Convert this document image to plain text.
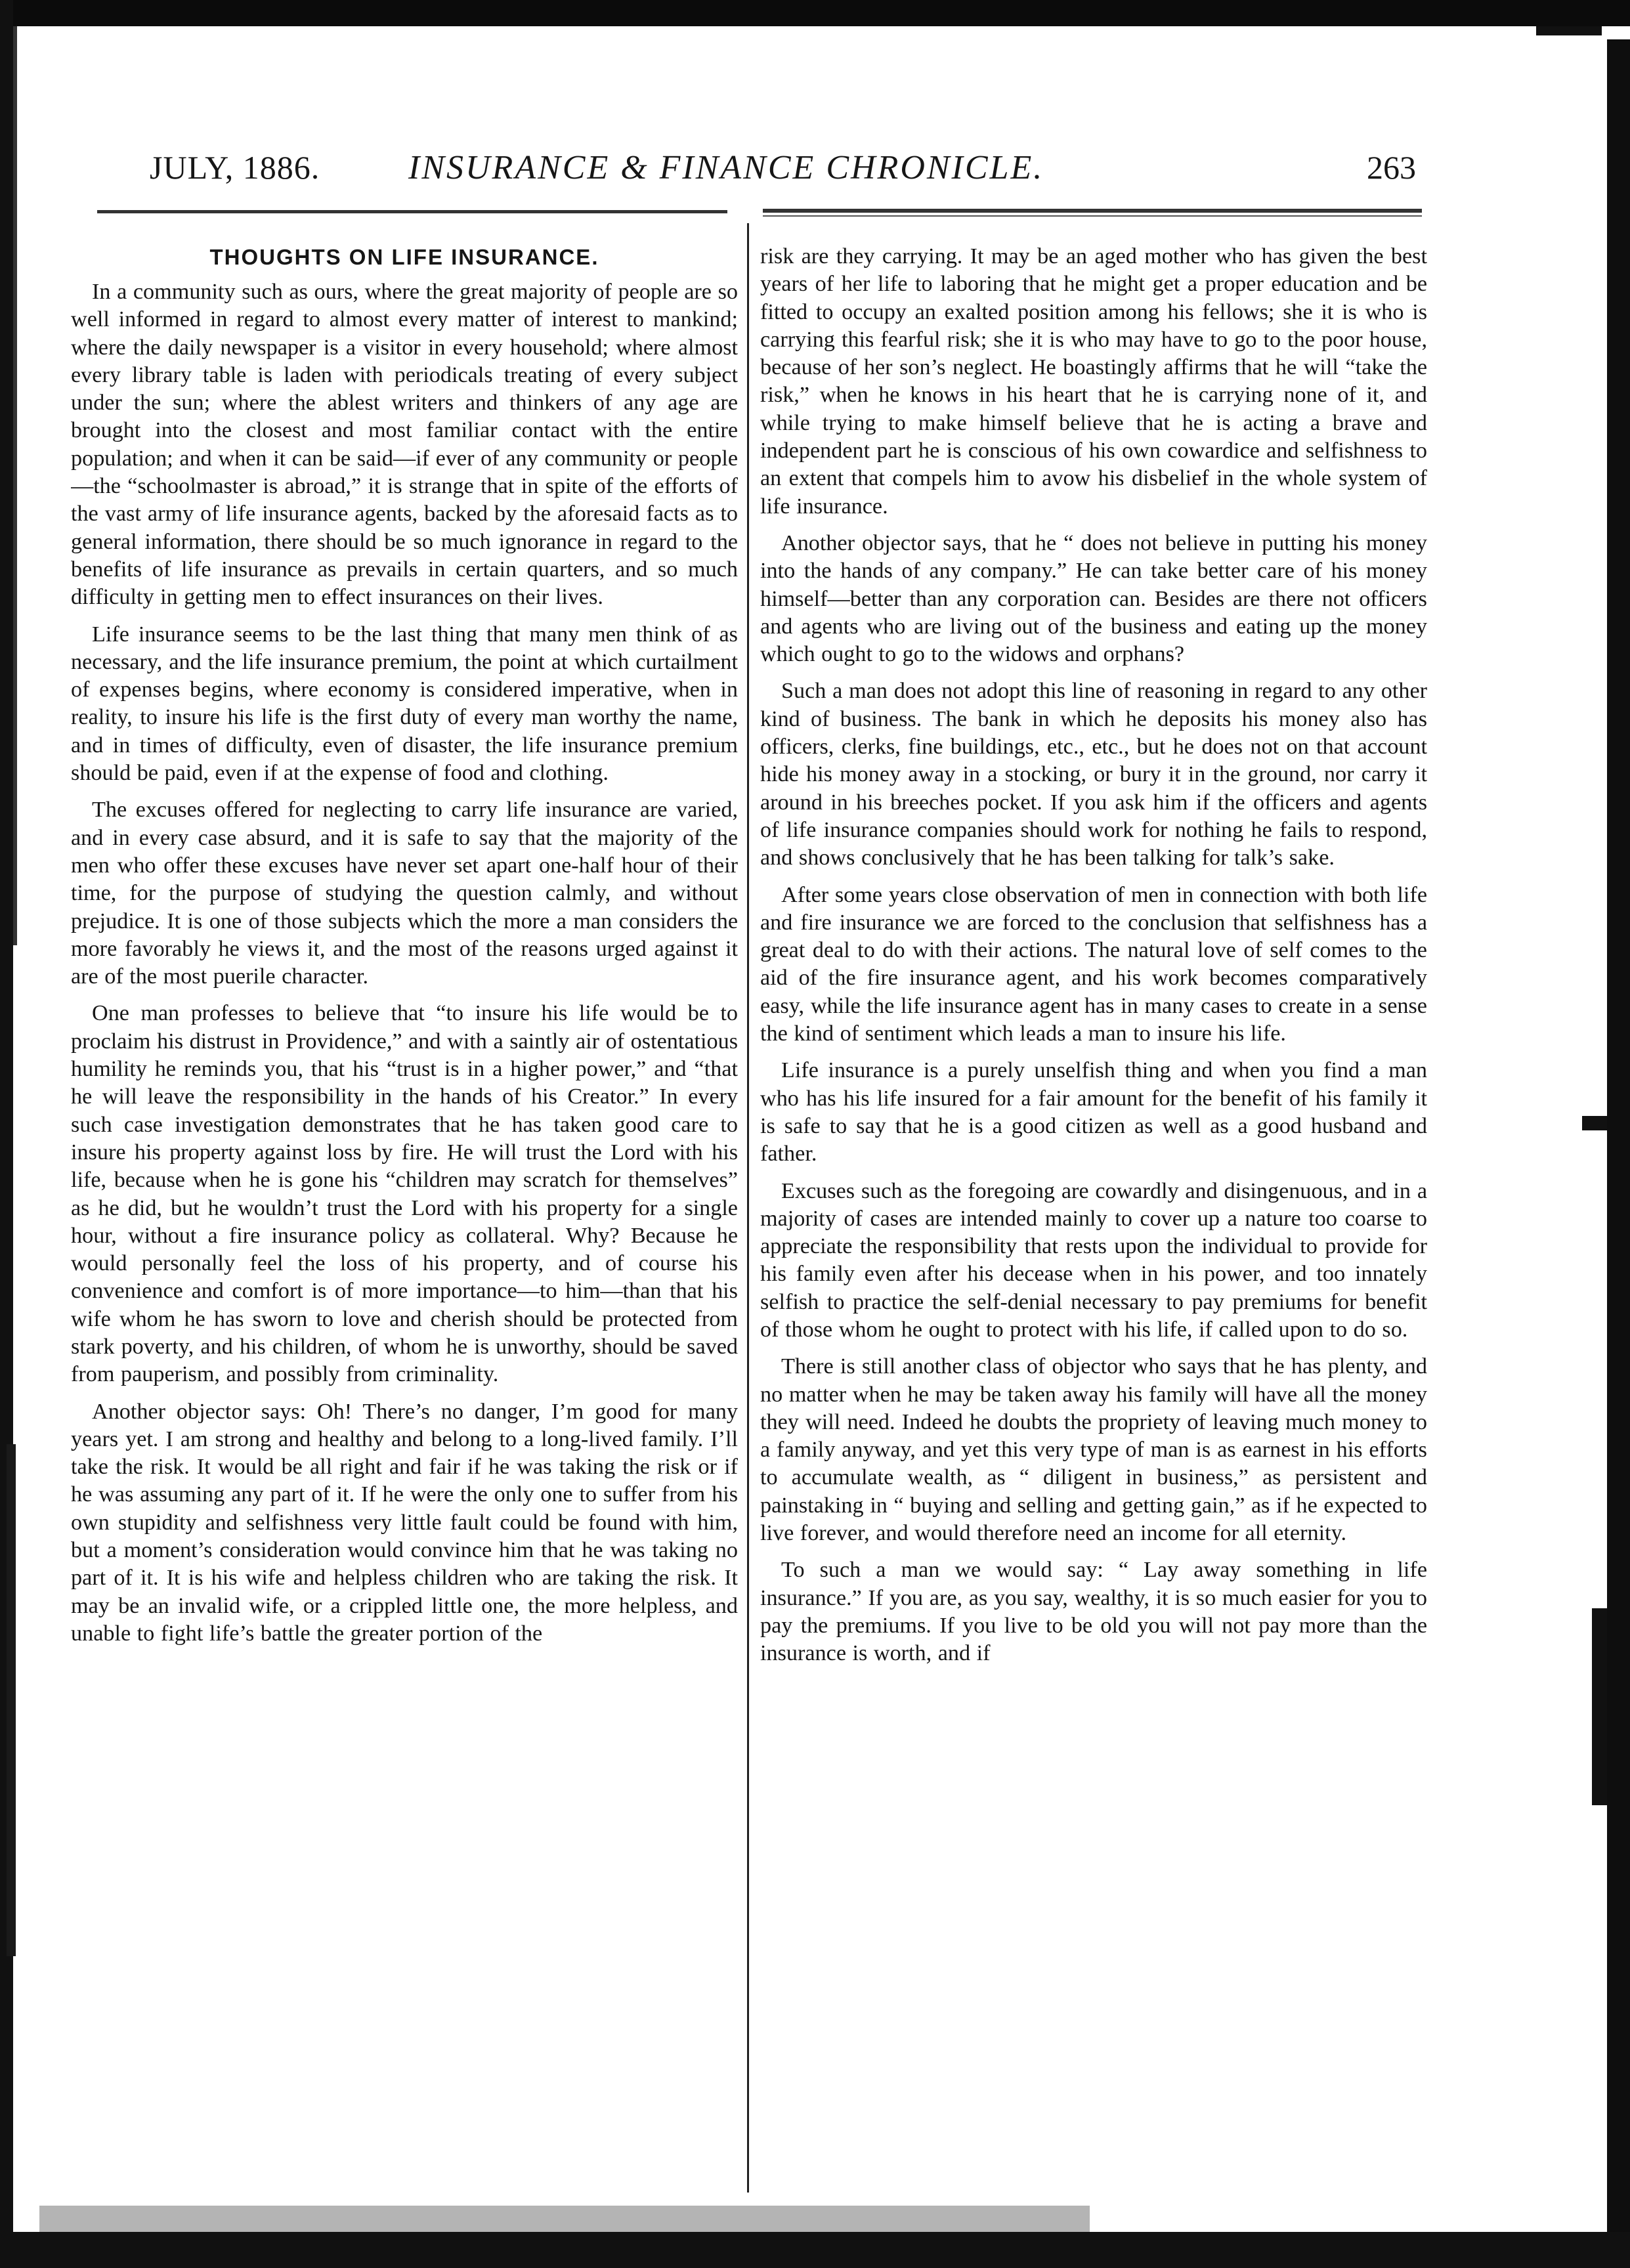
JULY, 1886.	INSURANCE & FINANCE CHRONICLE.	263
THOUGHTS ON LIFE INSURANCE.

In a community such as ours, where the great majority of people are so well informed in regard to almost every matter of interest to mankind; where the daily newspaper is a visitor in every household; where almost every library table is laden with periodicals treating of every subject under the sun; where the ablest writers and thinkers of any age are brought into the closest and most familiar contact with the entire population; and when it can be said—if ever of any community or people—the “schoolmaster is abroad,” it is strange that in spite of the efforts of the vast army of life insurance agents, backed by the aforesaid facts as to general information, there should be so much ignorance in regard to the benefits of life insurance as prevails in certain quarters, and so much difficulty in getting men to effect insurances on their lives.

Life insurance seems to be the last thing that many men think of as necessary, and the life insurance premium, the point at which curtailment of expenses begins, where economy is considered imperative, when in reality, to insure his life is the first duty of every man worthy the name, and in times of difficulty, even of disaster, the life insurance premium should be paid, even if at the expense of food and clothing.

The excuses offered for neglecting to carry life insurance are varied, and in every case absurd, and it is safe to say that the majority of the men who offer these excuses have never set apart one-half hour of their time, for the purpose of studying the question calmly, and without prejudice. It is one of those subjects which the more a man considers the more favorably he views it, and the most of the reasons urged against it are of the most puerile character.

One man professes to believe that “to insure his life would be to proclaim his distrust in Providence,” and with a saintly air of ostentatious humility he reminds you, that his “trust is in a higher power,” and “that he will leave the responsibility in the hands of his Creator.” In every such case investigation demonstrates that he has taken good care to insure his property against loss by fire. He will trust the Lord with his life, because when he is gone his “children may scratch for themselves” as he did, but he wouldn’t trust the Lord with his property for a single hour, without a fire insurance policy as collateral. Why? Because he would personally feel the loss of his property, and of course his convenience and comfort is of more importance—to him—than that his wife whom he has sworn to love and cherish should be protected from stark poverty, and his children, of whom he is unworthy, should be saved from pauperism, and possibly from criminality.

Another objector says: Oh! There’s no danger, I’m good for many years yet. I am strong and healthy and belong to a long-lived family. I’ll take the risk. It would be all right and fair if he was taking the risk or if he was assuming any part of it. If he were the only one to suffer from his own stupidity and selfishness very little fault could be found with him, but a moment’s consideration would convince him that he was taking no part of it. It is his wife and helpless children who are taking the risk. It may be an invalid wife, or a crippled little one, the more helpless, and unable to fight life’s battle the greater portion of the

risk are they carrying. It may be an aged mother who has given the best years of her life to laboring that he might get a proper education and be fitted to occupy an exalted position among his fellows; she it is who is carrying this fearful risk; she it is who may have to go to the poor house, because of her son’s neglect. He boastingly affirms that he will “take the risk,” when he knows in his heart that he is carrying none of it, and while trying to make himself believe that he is acting a brave and independent part he is conscious of his own cowardice and selfishness to an extent that compels him to avow his disbelief in the whole system of life insurance.

Another objector says, that he “ does not believe in putting his money into the hands of any company.” He can take better care of his money himself—better than any corporation can. Besides are there not officers and agents who are living out of the business and eating up the money which ought to go to the widows and orphans?

Such a man does not adopt this line of reasoning in regard to any other kind of business. The bank in which he deposits his money also has officers, clerks, fine buildings, etc., etc., but he does not on that account hide his money away in a stocking, or bury it in the ground, nor carry it around in his breeches pocket. If you ask him if the officers and agents of life insurance companies should work for nothing he fails to respond, and shows conclusively that he has been talking for talk’s sake.

After some years close observation of men in connection with both life and fire insurance we are forced to the conclusion that selfishness has a great deal to do with their actions. The natural love of self comes to the aid of the fire insurance agent, and his work becomes comparatively easy, while the life insurance agent has in many cases to create in a sense the kind of sentiment which leads a man to insure his life.

Life insurance is a purely unselfish thing and when you find a man who has his life insured for a fair amount for the benefit of his family it is safe to say that he is a good citizen as well as a good husband and father.

Excuses such as the foregoing are cowardly and disingenuous, and in a majority of cases are intended mainly to cover up a nature too coarse to appreciate the responsibility that rests upon the individual to provide for his family even after his decease when in his power, and too innately selfish to practice the self-denial necessary to pay premiums for benefit of those whom he ought to protect with his life, if called upon to do so.

There is still another class of objector who says that he has plenty, and no matter when he may be taken away his family will have all the money they will need. Indeed he doubts the propriety of leaving much money to a family anyway, and yet this very type of man is as earnest in his efforts to accumulate wealth, as “ diligent in business,” as persistent and painstaking in “ buying and selling and getting gain,” as if he expected to live forever, and would therefore need an income for all eternity.

To such a man we would say: “ Lay away something in life insurance.” If you are, as you say, wealthy, it is so much easier for you to pay the premiums. If you live to be old you will not pay more than the insurance is worth, and if
